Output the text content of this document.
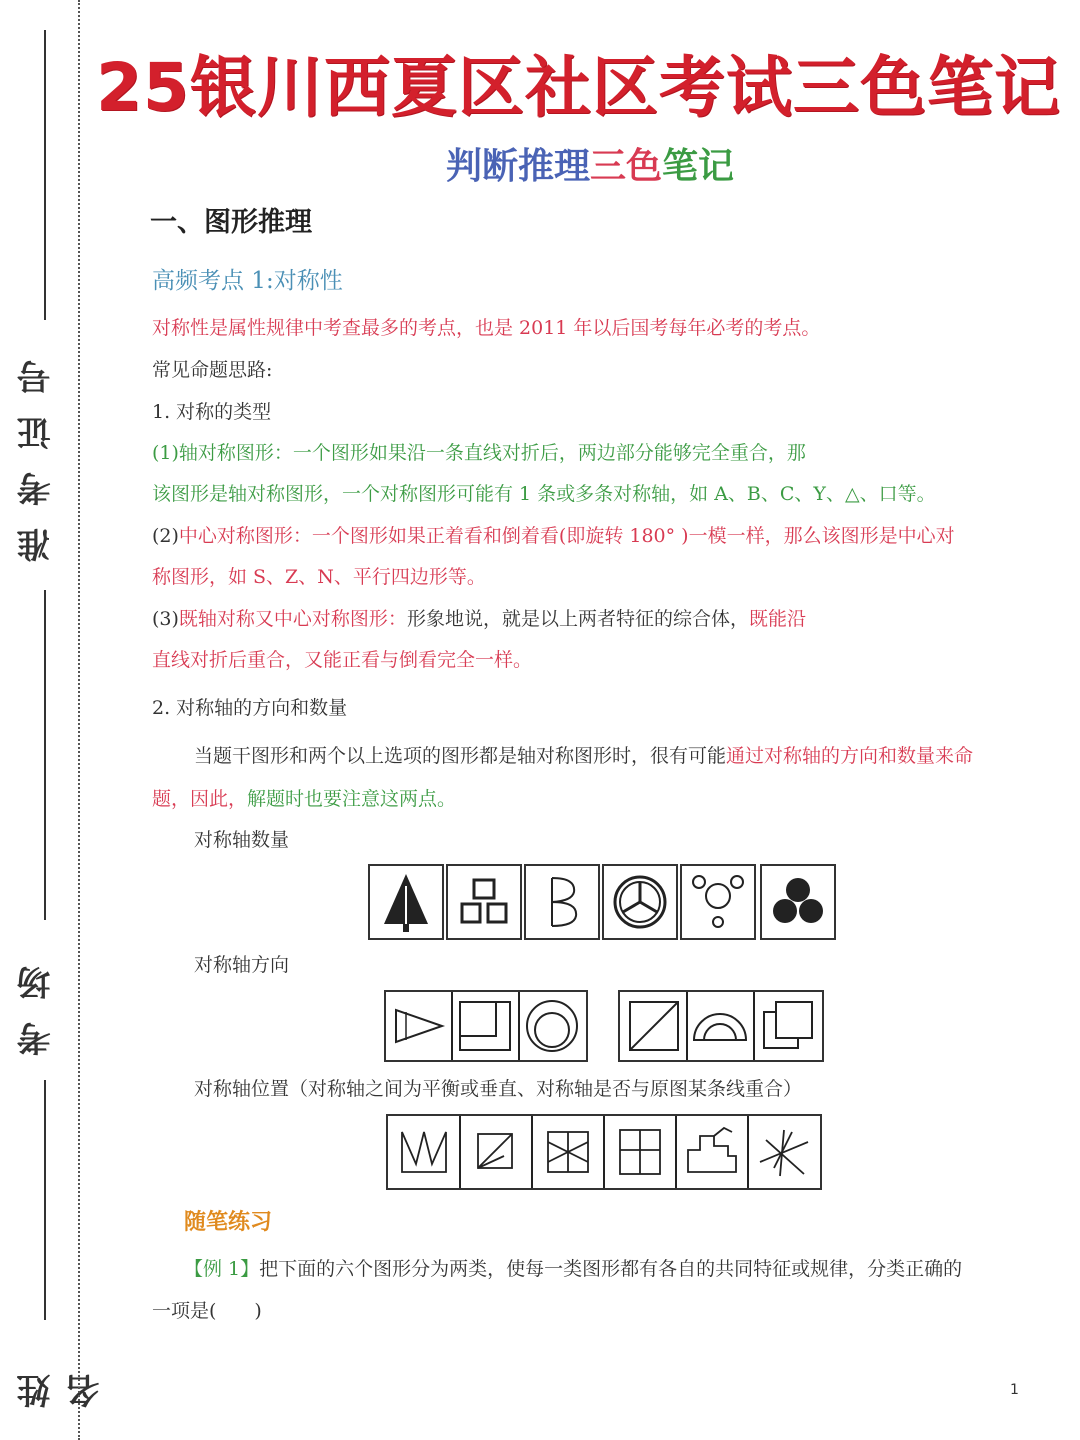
准考证号
考场
姓名
25银川西夏区社区考试三色笔记
判断推理三色笔记
一、图形推理
高频考点 1:对称性
对称性是属性规律中考查最多的考点，也是 2011 年以后国考每年必考的考点。
常见命题思路:
1. 对称的类型
(1)轴对称图形：一个图形如果沿一条直线对折后，两边部分能够完全重合，那
该图形是轴对称图形，一个对称图形可能有 1 条或多条对称轴，如 A、B、C、Y、△、口等。
(2)中心对称图形：一个图形如果正着看和倒着看(即旋转 180° )一模一样，那么该图形是中心对
称图形，如 S、Z、N、平行四边形等。
(3)既轴对称又中心对称图形：形象地说，就是以上两者特征的综合体，既能沿
直线对折后重合，又能正看与倒看完全一样。
2. 对称轴的方向和数量
当题干图形和两个以上选项的图形都是轴对称图形时，很有可能通过对称轴的方向和数量来命
题，因此，解题时也要注意这两点。
对称轴数量
对称轴方向
对称轴位置（对称轴之间为平衡或垂直、对称轴是否与原图某条线重合）
随笔练习
【例 1】把下面的六个图形分为两类，使每一类图形都有各自的共同特征或规律，分类正确的
一项是(　　)
1
